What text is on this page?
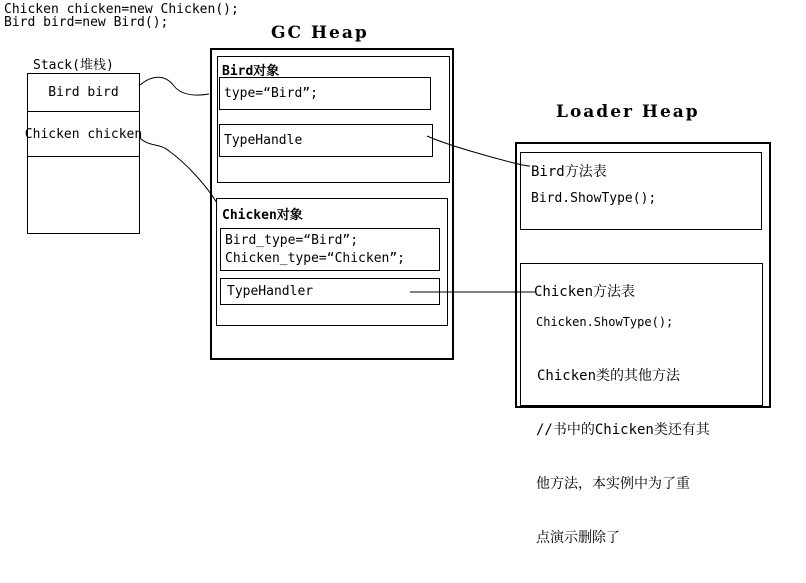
Chicken chicken=new Chicken();
Bird bird=new Bird();
GC Heap
Loader Heap
Stack(堆栈)
Bird bird
Chicken chicken
Bird对象
type=“Bird”;
TypeHandle
Chicken对象
Bird_type=“Bird”;
Chicken_type=“Chicken”;
TypeHandler
Bird方法表
Bird.ShowType();
Chicken方法表
Chicken.ShowType();

Chicken类的其他方法

//书中的Chicken类还有其

他方法，本实例中为了重

点演示删除了
